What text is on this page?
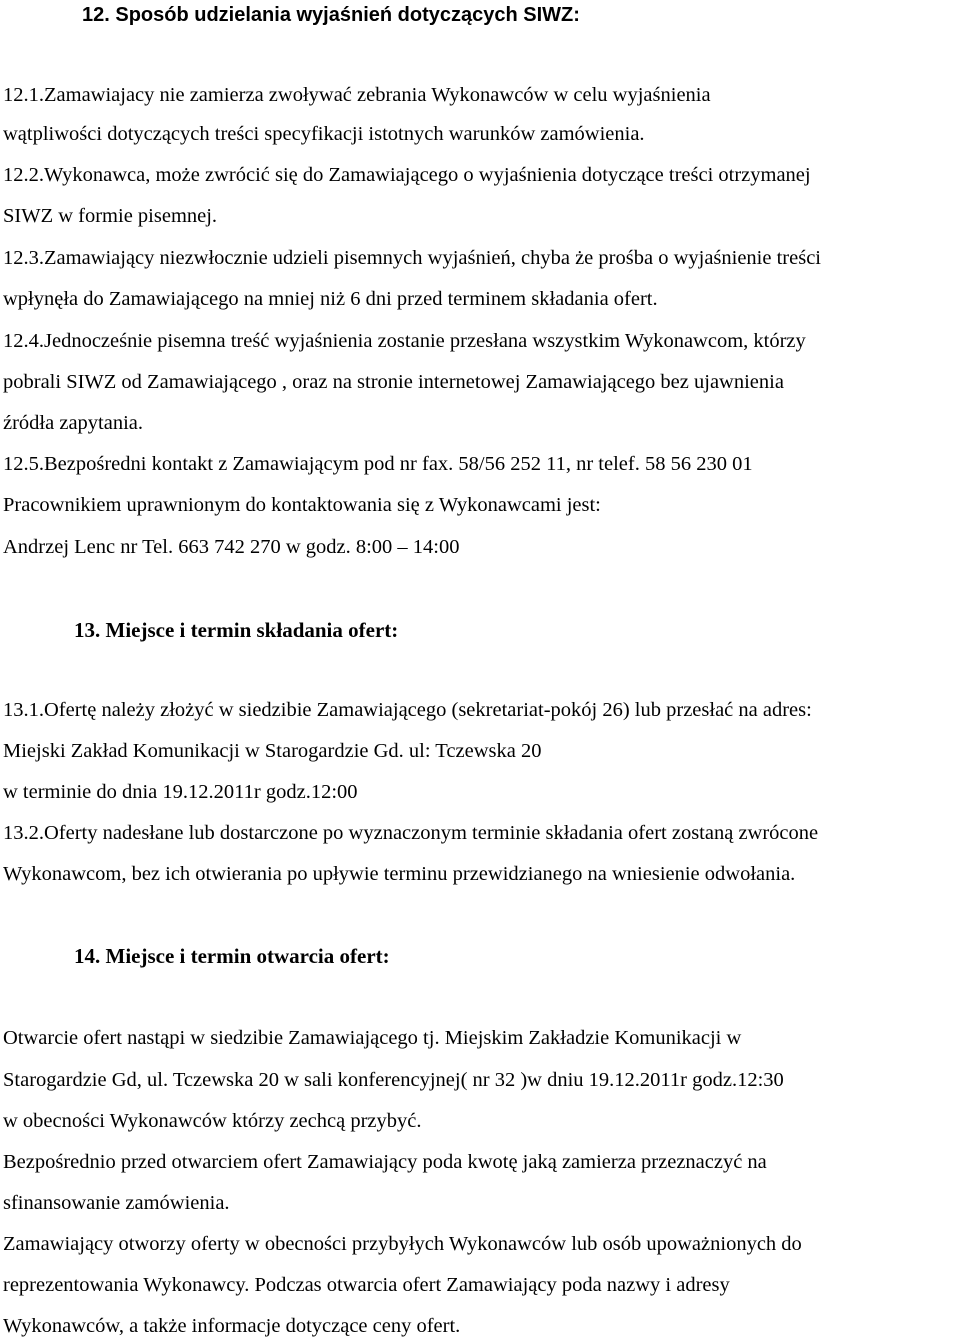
12. Sposób udzielania wyjaśnień dotyczących SIWZ:
12.1.Zamawiajacy nie zamierza zwoływać zebrania Wykonawców w celu wyjaśnienia
wątpliwości dotyczących treści specyfikacji istotnych warunków zamówienia.
12.2.Wykonawca, może zwrócić się do Zamawiającego o wyjaśnienia dotyczące treści otrzymanej
SIWZ w formie pisemnej.
12.3.Zamawiający niezwłocznie udzieli pisemnych wyjaśnień, chyba że prośba o wyjaśnienie treści
wpłynęła do Zamawiającego na mniej niż 6 dni przed terminem składania ofert.
12.4.Jednocześnie pisemna treść wyjaśnienia zostanie przesłana wszystkim Wykonawcom, którzy
pobrali SIWZ od Zamawiającego , oraz na stronie internetowej Zamawiającego bez ujawnienia
źródła zapytania.
12.5.Bezpośredni kontakt z Zamawiającym pod nr fax. 58/56 252 11, nr telef. 58 56 230 01
Pracownikiem uprawnionym do kontaktowania się z Wykonawcami jest:
Andrzej Lenc nr Tel. 663 742 270 w godz. 8:00 – 14:00
13. Miejsce i termin składania ofert:
13.1.Ofertę należy złożyć w siedzibie Zamawiającego (sekretariat-pokój 26) lub przesłać na adres:
Miejski Zakład Komunikacji w Starogardzie Gd. ul: Tczewska 20
w terminie do dnia 19.12.2011r godz.12:00
13.2.Oferty nadesłane lub dostarczone po wyznaczonym terminie składania ofert zostaną zwrócone
Wykonawcom, bez ich otwierania po upływie terminu przewidzianego na wniesienie odwołania.
14. Miejsce i termin otwarcia ofert:
Otwarcie ofert nastąpi w siedzibie Zamawiającego tj. Miejskim Zakładzie Komunikacji w
Starogardzie Gd, ul. Tczewska 20 w sali konferencyjnej( nr 32 )w dniu 19.12.2011r godz.12:30
w obecności Wykonawców którzy zechcą przybyć.
Bezpośrednio przed otwarciem ofert Zamawiający poda kwotę jaką zamierza przeznaczyć na
sfinansowanie zamówienia.
Zamawiający otworzy oferty w obecności przybyłych Wykonawców lub osób upoważnionych do
reprezentowania Wykonawcy. Podczas otwarcia ofert Zamawiający poda nazwy i adresy
Wykonawców, a także informacje dotyczące ceny ofert.
